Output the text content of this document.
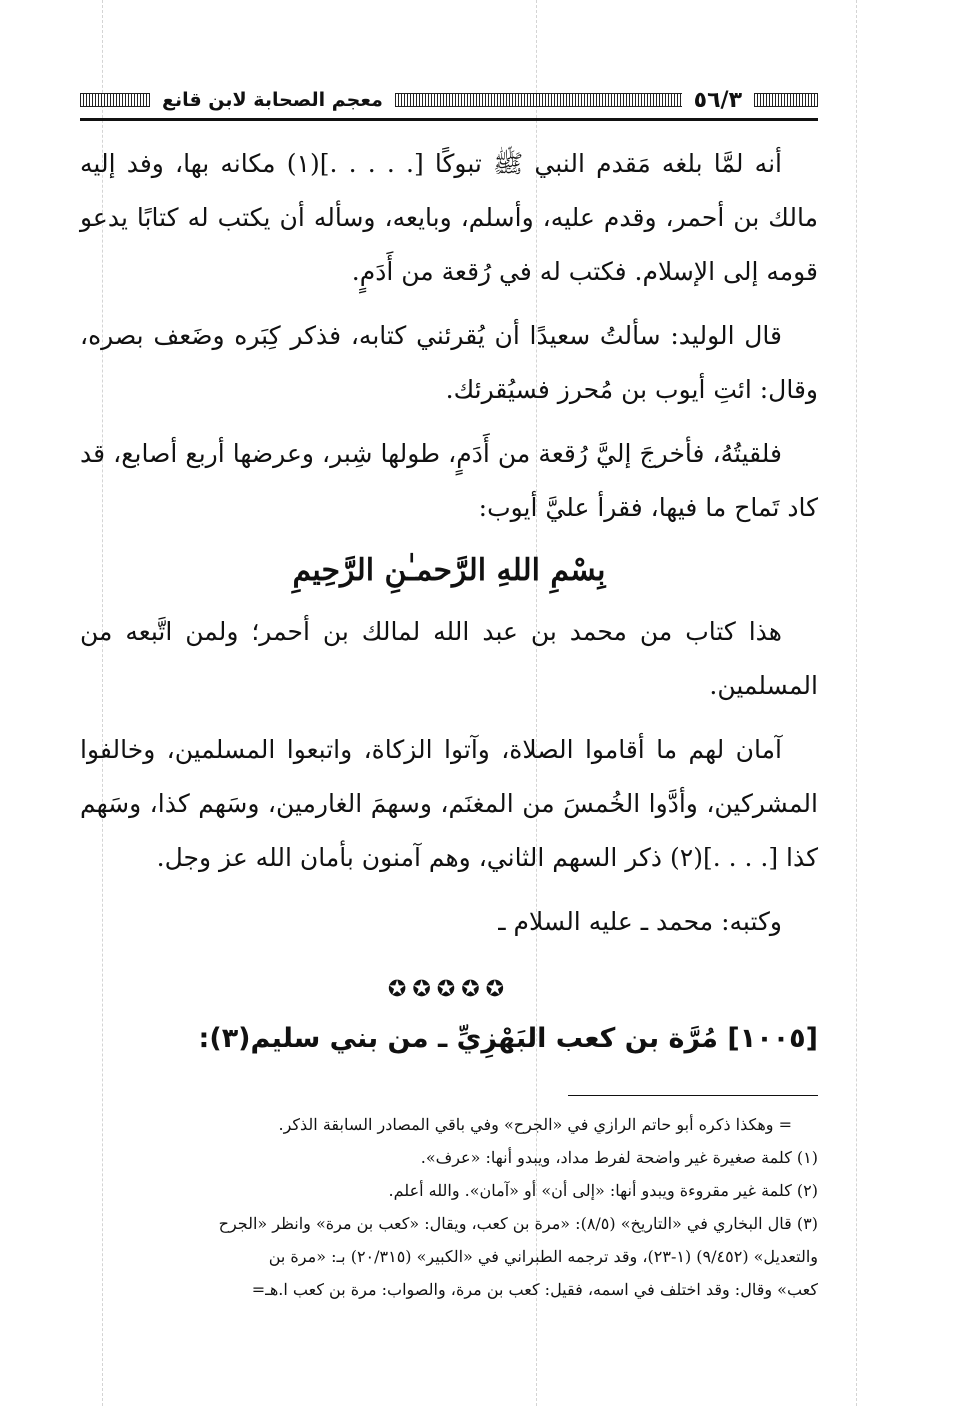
٥٦/٣
معجم الصحابة لابن قانع

أنه لمَّا بلغه مَقدم النبي ﷺ تبوكًا [. . . . .](١) مكانه بها، وفد إليه مالك بن أحمر، وقدم عليه، وأسلم، وبايعه، وسأله أن يكتب له كتابًا يدعو قومه إلى الإسلام. فكتب له في رُقعة من أَدَمٍ.

قال الوليد: سألتُ سعيدًا أن يُقرئني كتابه، فذكر كِبَره وضَعف بصره، وقال: ائتِ أيوب بن مُحرز فسيُقرئك.

فلقيتُهُ، فأخرجَ إليَّ رُقعة من أَدَمٍ، طولها شِبر، وعرضها أربع أصابع، قد كاد تَماح ما فيها، فقرأ عليَّ أيوب:

بِسْمِ اللهِ الرَّحمـٰنِ الرَّحِيمِ

هذا كتاب من محمد بن عبد الله لمالك بن أحمر؛ ولمن اتَّبعه من المسلمين.

آمان لهم ما أقاموا الصلاة، وآتوا الزكاة، واتبعوا المسلمين، وخالفوا المشركين، وأدَّوا الخُمسَ من المغنَم، وسهمَ الغارمين، وسَهم كذا، وسَهم كذا [. . . .](٢) ذكر السهم الثاني، وهم آمنون بأمان الله عز وجل.

وكتبه: محمد ـ عليه السلام ـ

✪✪✪✪✪
[١٠٠٥] مُرَّة بن كعب البَهْزِيِّ ـ من بني سليم(٣):

= وهكذا ذكره أبو حاتم الرازي في «الجرح» وفي باقي المصادر السابقة الذكر.

(١) كلمة صغيرة غير واضحة لفرط مداد، ويبدو أنها: «عرف».

(٢) كلمة غير مقروءة ويبدو أنها: «إلى أن» أو «آمان». والله أعلم.

(٣) قال البخاري في «التاريخ» (٨/٥): «مرة بن كعب، ويقال: «كعب بن مرة» وانظر «الجرح

والتعديل» (٩/٤٥٢) (١-٢٣)، وقد ترجمه الطبراني في «الكبير» (٢٠/٣١٥) بـ: «مرة بن

كعب» وقال: وقد اختلف في اسمه، فقيل: كعب بن مرة، والصواب: مرة بن كعب ا.هـ=
